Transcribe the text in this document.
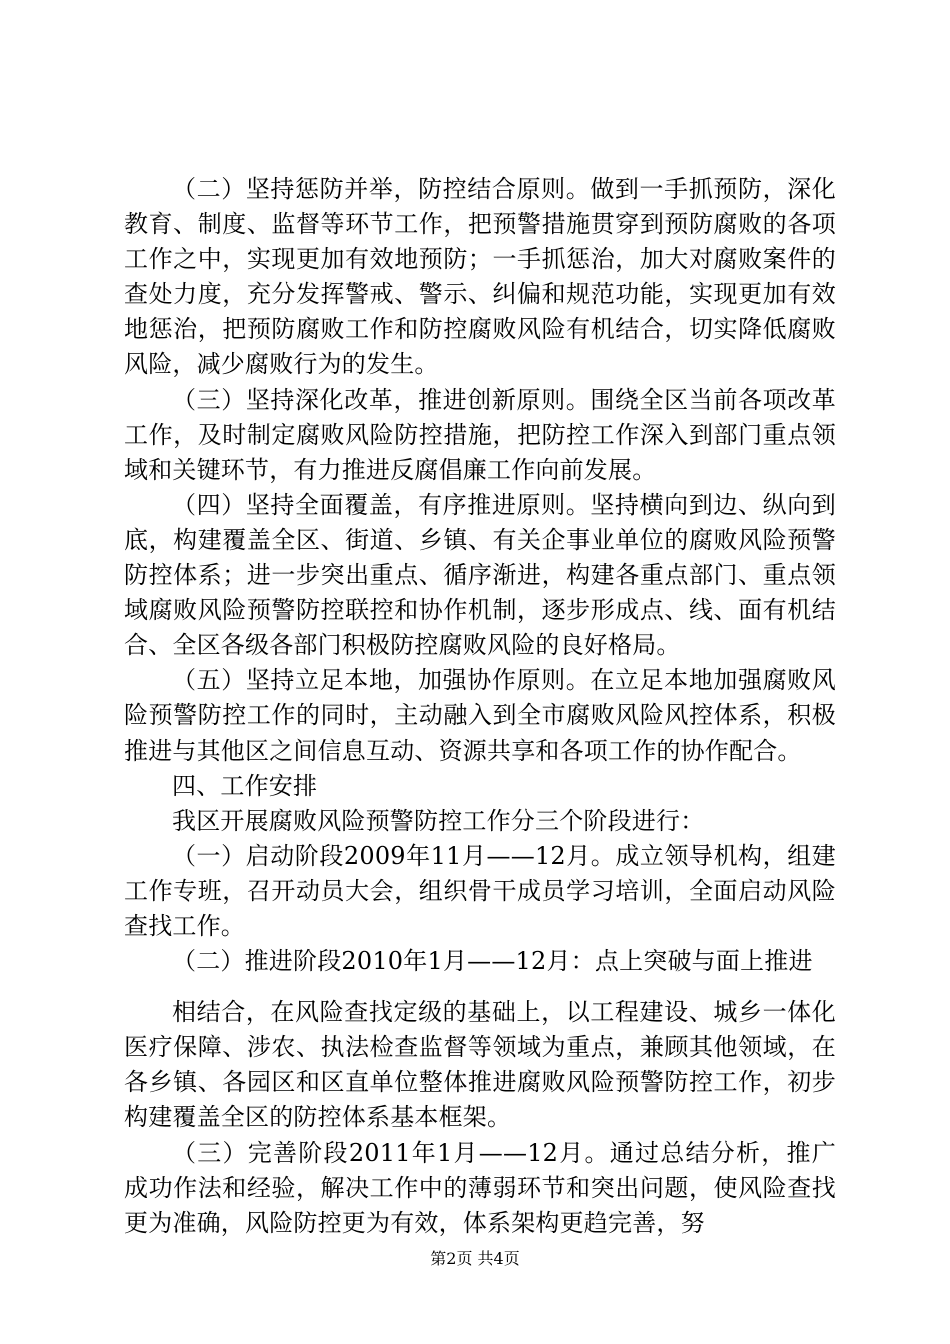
（二）坚持惩防并举，防控结合原则。做到一手抓预防，深化教育、制度、监督等环节工作，把预警措施贯穿到预防腐败的各项工作之中，实现更加有效地预防；一手抓惩治，加大对腐败案件的查处力度，充分发挥警戒、警示、纠偏和规范功能，实现更加有效地惩治，把预防腐败工作和防控腐败风险有机结合，切实降低腐败风险，减少腐败行为的发生。

（三）坚持深化改革，推进创新原则。围绕全区当前各项改革工作，及时制定腐败风险防控措施，把防控工作深入到部门重点领域和关键环节，有力推进反腐倡廉工作向前发展。

（四）坚持全面覆盖，有序推进原则。坚持横向到边、纵向到底，构建覆盖全区、街道、乡镇、有关企事业单位的腐败风险预警防控体系；进一步突出重点、循序渐进，构建各重点部门、重点领域腐败风险预警防控联控和协作机制，逐步形成点、线、面有机结合、全区各级各部门积极防控腐败风险的良好格局。

（五）坚持立足本地，加强协作原则。在立足本地加强腐败风险预警防控工作的同时，主动融入到全市腐败风险风控体系，积极推进与其他区之间信息互动、资源共享和各项工作的协作配合。

四、工作安排

我区开展腐败风险预警防控工作分三个阶段进行：

（一）启动阶段2009年11月——12月。成立领导机构，组建工作专班，召开动员大会，组织骨干成员学习培训，全面启动风险查找工作。

（二）推进阶段2010年1月——12月：点上突破与面上推进

相结合，在风险查找定级的基础上，以工程建设、城乡一体化医疗保障、涉农、执法检查监督等领域为重点，兼顾其他领域，在各乡镇、各园区和区直单位整体推进腐败风险预警防控工作，初步构建覆盖全区的防控体系基本框架。

（三）完善阶段2011年1月——12月。通过总结分析，推广成功作法和经验，解决工作中的薄弱环节和突出问题，使风险查找更为准确，风险防控更为有效，体系架构更趋完善，努

第2页 共4页
